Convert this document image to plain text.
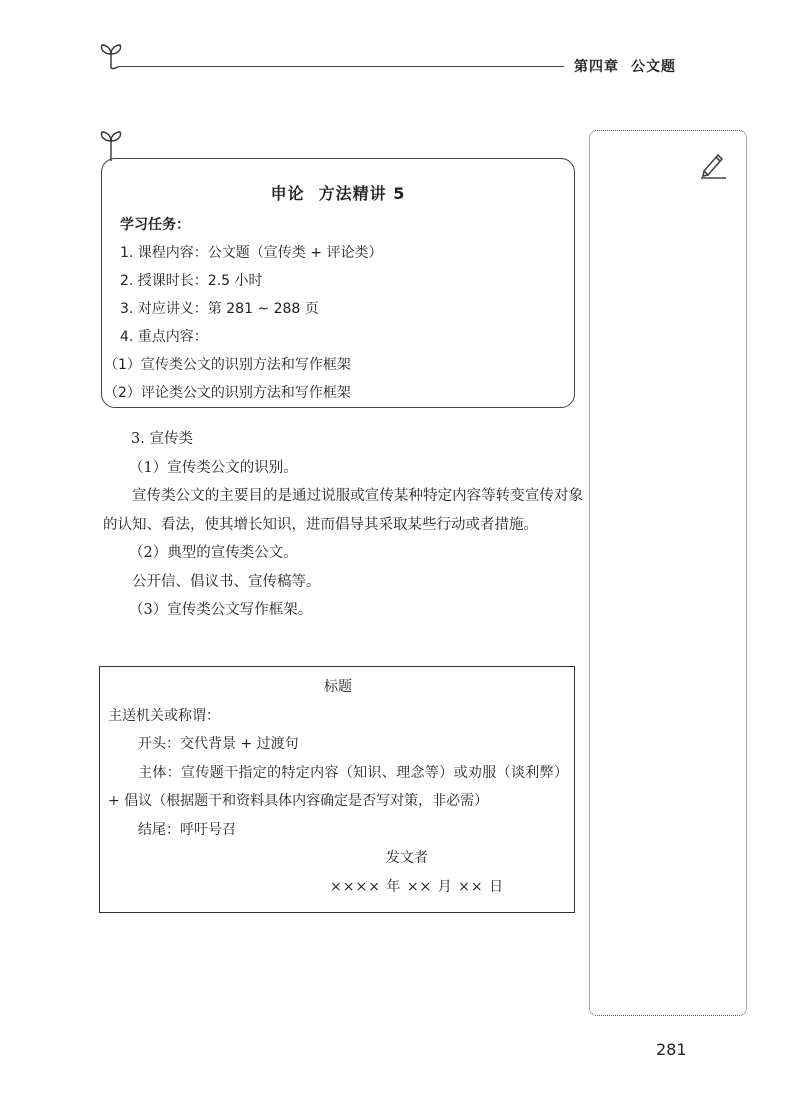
第四章 公文题
申论 方法精讲 5
学习任务：
1. 课程内容：公文题（宣传类 + 评论类）
2. 授课时长：2.5 小时
3. 对应讲义：第 281 ~ 288 页
4. 重点内容：
（1）宣传类公文的识别方法和写作框架
（2）评论类公文的识别方法和写作框架

3. 宣传类

（1）宣传类公文的识别。

宣传类公文的主要目的是通过说服或宣传某种特定内容等转变宣传对象的认知、看法，使其增长知识，进而倡导其采取某些行动或者措施。

（2）典型的宣传类公文。

公开信、倡议书、宣传稿等。

（3）宣传类公文写作框架。

标题
主送机关或称谓：
开头：交代背景 + 过渡句
主体：宣传题干指定的特定内容（知识、理念等）或劝服（谈利弊）+ 倡议（根据题干和资料具体内容确定是否写对策，非必需）
结尾：呼吁号召
发文者
×××× 年 ×× 月 ×× 日
281
